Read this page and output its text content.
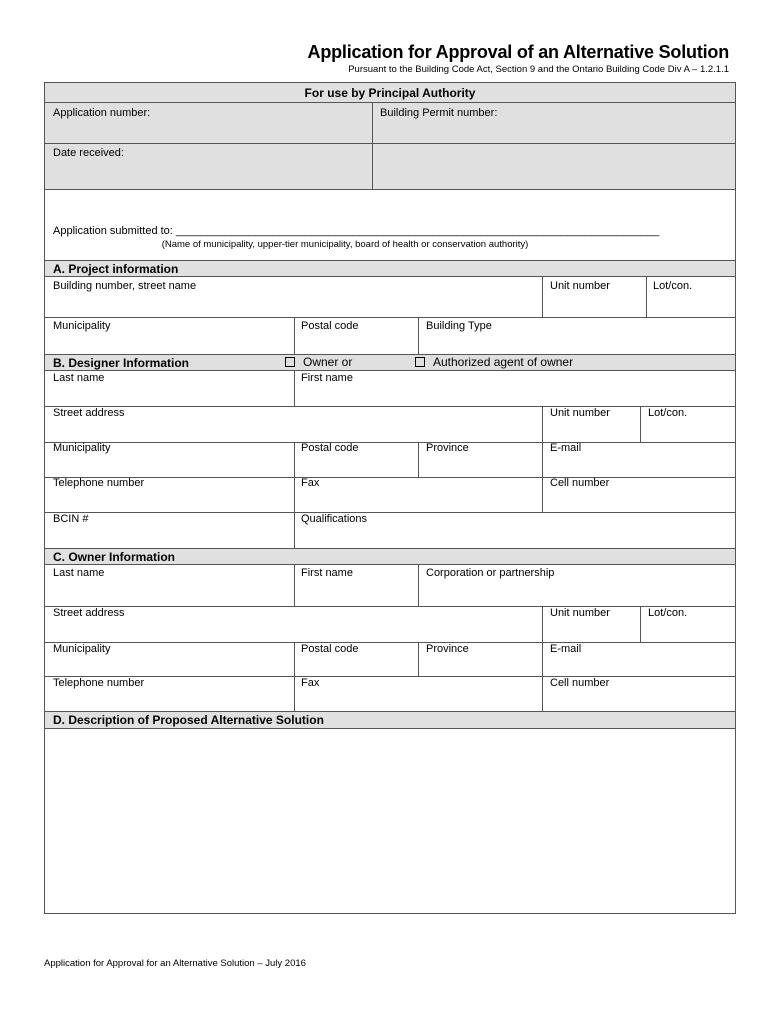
Application for Approval of an Alternative Solution
Pursuant to the Building Code Act, Section 9 and the Ontario Building Code Div A – 1.2.1.1
For use by Principal Authority
Application number:	Building Permit number:
Date received:
Application submitted to: _______________________________________________________________________________
(Name of municipality, upper-tier municipality, board of health or conservation authority)
A. Project information
Building number, street name	Unit number	Lot/con.
Municipality	Postal code	Building Type
B. Designer Information	Owner or	Authorized agent of owner
Last name	First name
Street address	Unit number	Lot/con.
Municipality	Postal code	Province	E-mail
Telephone number	Fax	Cell number
BCIN #	Qualifications
C. Owner Information
Last name	First name	Corporation or partnership
Street address	Unit number	Lot/con.
Municipality	Postal code	Province	E-mail
Telephone number	Fax	Cell number
D. Description of Proposed Alternative Solution
Application for Approval for an Alternative Solution – July 2016
